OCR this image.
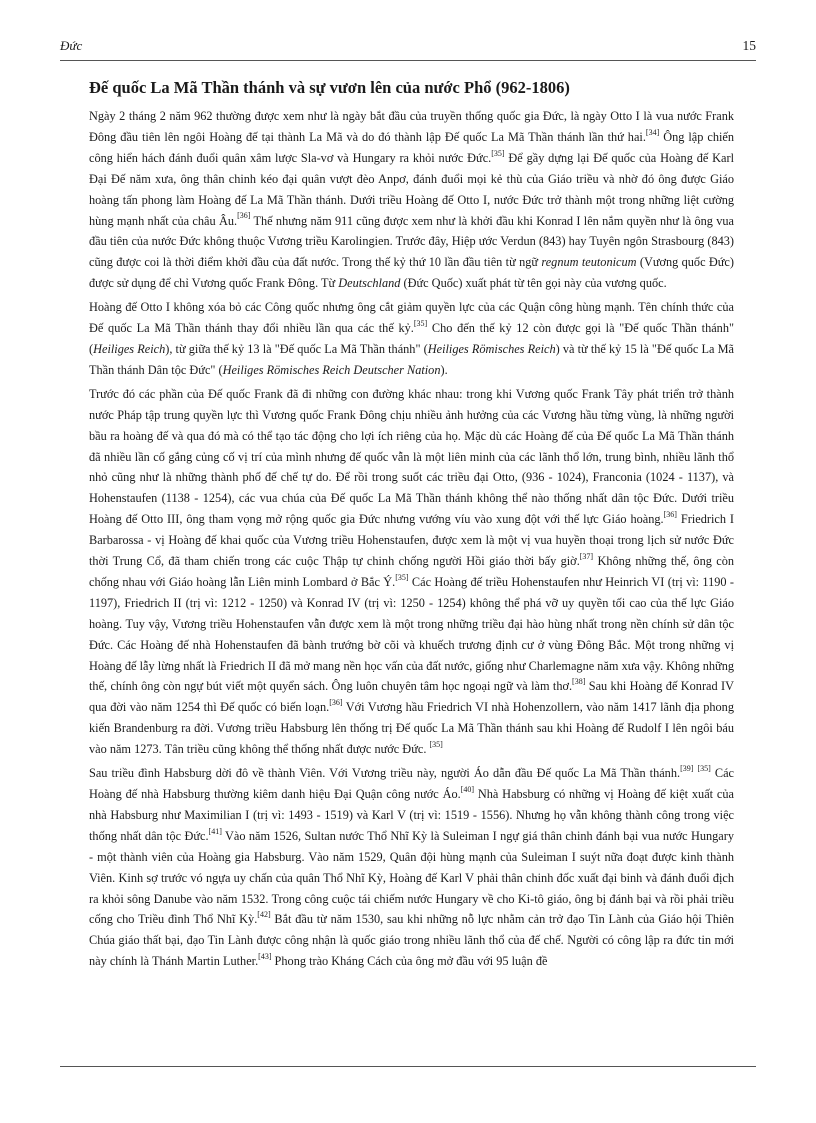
Đức	15
Đế quốc La Mã Thần thánh và sự vươn lên của nước Phổ (962-1806)

Ngày 2 tháng 2 năm 962 thường được xem như là ngày bắt đầu của truyền thống quốc gia Đức, là ngày Otto I là vua nước Frank Đông đầu tiên lên ngôi Hoàng đế tại thành La Mã và do đó thành lập Đế quốc La Mã Thần thánh lần thứ hai.[34] Ông lập chiến công hiển hách đánh đuổi quân xâm lược Sla-vơ và Hungary ra khỏi nước Đức.[35] Để gầy dựng lại Đế quốc của Hoàng đế Karl Đại Đế năm xưa, ông thân chinh kéo đại quân vượt đèo Anpơ, đánh đuổi mọi kẻ thù của Giáo triều và nhờ đó ông được Giáo hoàng tấn phong làm Hoàng đế La Mã Thần thánh. Dưới triều Hoàng đế Otto I, nước Đức trở thành một trong những liệt cường hùng mạnh nhất của châu Âu.[36] Thế nhưng năm 911 cũng được xem như là khởi đầu khi Konrad I lên nắm quyền như là ông vua đầu tiên của nước Đức không thuộc Vương triều Karolingien. Trước đây, Hiệp ước Verdun (843) hay Tuyên ngôn Strasbourg (843) cũng được coi là thời điểm khởi đầu của đất nước. Trong thế kỷ thứ 10 lần đầu tiên từ ngữ regnum teutonicum (Vương quốc Đức) được sử dụng để chỉ Vương quốc Frank Đông. Từ Deutschland (Đức Quốc) xuất phát từ tên gọi này của vương quốc.

Hoàng đế Otto I không xóa bỏ các Công quốc nhưng ông cắt giảm quyền lực của các Quận công hùng mạnh. Tên chính thức của Đế quốc La Mã Thần thánh thay đổi nhiều lần qua các thế kỷ.[35] Cho đến thế kỷ 12 còn được gọi là "Đế quốc Thần thánh" (Heiliges Reich), từ giữa thế kỷ 13 là "Đế quốc La Mã Thần thánh" (Heiliges Römisches Reich) và từ thế kỷ 15 là "Đế quốc La Mã Thần thánh Dân tộc Đức" (Heiliges Römisches Reich Deutscher Nation).

Trước đó các phần của Đế quốc Frank đã đi những con đường khác nhau: trong khi Vương quốc Frank Tây phát triển trở thành nước Pháp tập trung quyền lực thì Vương quốc Frank Đông chịu nhiều ảnh hưởng của các Vương hầu từng vùng, là những người bầu ra hoàng đế và qua đó mà có thể tạo tác động cho lợi ích riêng của họ. Mặc dù các Hoàng đế của Đế quốc La Mã Thần thánh đã nhiều lần cố gắng củng cố vị trí của mình nhưng đế quốc vẫn là một liên minh của các lãnh thổ lớn, trung bình, nhiều lãnh thổ nhỏ cũng như là những thành phố đế chế tự do. Để rồi trong suốt các triều đại Otto, (936 - 1024), Franconia (1024 - 1137), và Hohenstaufen (1138 - 1254), các vua chúa của Đế quốc La Mã Thần thánh không thể nào thống nhất dân tộc Đức. Dưới triều Hoàng đế Otto III, ông tham vọng mở rộng quốc gia Đức nhưng vướng víu vào xung đột với thế lực Giáo hoàng.[36] Friedrich I Barbarossa - vị Hoàng đế khai quốc của Vương triều Hohenstaufen, được xem là một vị vua huyền thoại trong lịch sử nước Đức thời Trung Cổ, đã tham chiến trong các cuộc Thập tự chinh chống người Hồi giáo thời bấy giờ.[37] Không những thế, ông còn chống nhau với Giáo hoàng lẫn Liên minh Lombard ở Bắc Ý.[35] Các Hoàng đế triều Hohenstaufen như Heinrich VI (trị vì: 1190 - 1197), Friedrich II (trị vì: 1212 - 1250) và Konrad IV (trị vì: 1250 - 1254) không thể phá vỡ uy quyền tối cao của thế lực Giáo hoàng. Tuy vậy, Vương triều Hohenstaufen vẫn được xem là một trong những triều đại hào hùng nhất trong nền chính sử dân tộc Đức. Các Hoàng đế nhà Hohenstaufen đã bành trướng bờ cõi và khuếch trương định cư ở vùng Đông Bắc. Một trong những vị Hoàng đế lẫy lừng nhất là Friedrich II đã mở mang nền học vấn của đất nước, giống như Charlemagne năm xưa vậy. Không những thế, chính ông còn ngự bút viết một quyển sách. Ông luôn chuyên tâm học ngoại ngữ và làm thơ.[38] Sau khi Hoàng đế Konrad IV qua đời vào năm 1254 thì Đế quốc có biến loạn.[36] Với Vương hầu Friedrich VI nhà Hohenzollern, vào năm 1417 lãnh địa phong kiến Brandenburg ra đời. Vương triều Habsburg lên thống trị Đế quốc La Mã Thần thánh sau khi Hoàng đế Rudolf I lên ngôi báu vào năm 1273. Tân triều cũng không thể thống nhất được nước Đức. [35]

Sau triều đình Habsburg dời đô về thành Viên. Với Vương triều này, người Áo dẫn đầu Đế quốc La Mã Thần thánh.[39] [35] Các Hoàng đế nhà Habsburg thường kiêm danh hiệu Đại Quận công nước Áo.[40] Nhà Habsburg có những vị Hoàng đế kiệt xuất của nhà Habsburg như Maximilian I (trị vì: 1493 - 1519) và Karl V (trị vì: 1519 - 1556). Nhưng họ vẫn không thành công trong việc thống nhất dân tộc Đức.[41] Vào năm 1526, Sultan nước Thổ Nhĩ Kỳ là Suleiman I ngự giá thân chinh đánh bại vua nước Hungary - một thành viên của Hoàng gia Habsburg. Vào năm 1529, Quân đội hùng mạnh của Suleiman I suýt nữa đoạt được kinh thành Viên. Kinh sợ trước vó ngựa uy chấn của quân Thổ Nhĩ Kỳ, Hoàng đế Karl V phải thân chinh đốc xuất đại binh và đánh đuổi địch ra khỏi sông Danube vào năm 1532. Trong công cuộc tái chiếm nước Hungary về cho Ki-tô giáo, ông bị đánh bại và rồi phải triều cống cho Triều đình Thổ Nhĩ Kỳ.[42] Bắt đầu từ năm 1530, sau khi những nỗ lực nhằm cản trở đạo Tin Lành của Giáo hội Thiên Chúa giáo thất bại, đạo Tin Lành được công nhận là quốc giáo trong nhiều lãnh thổ của đế chế. Người có công lập ra đức tin mới này chính là Thánh Martin Luther.[43] Phong trào Kháng Cách của ông mở đầu với 95 luận đề
